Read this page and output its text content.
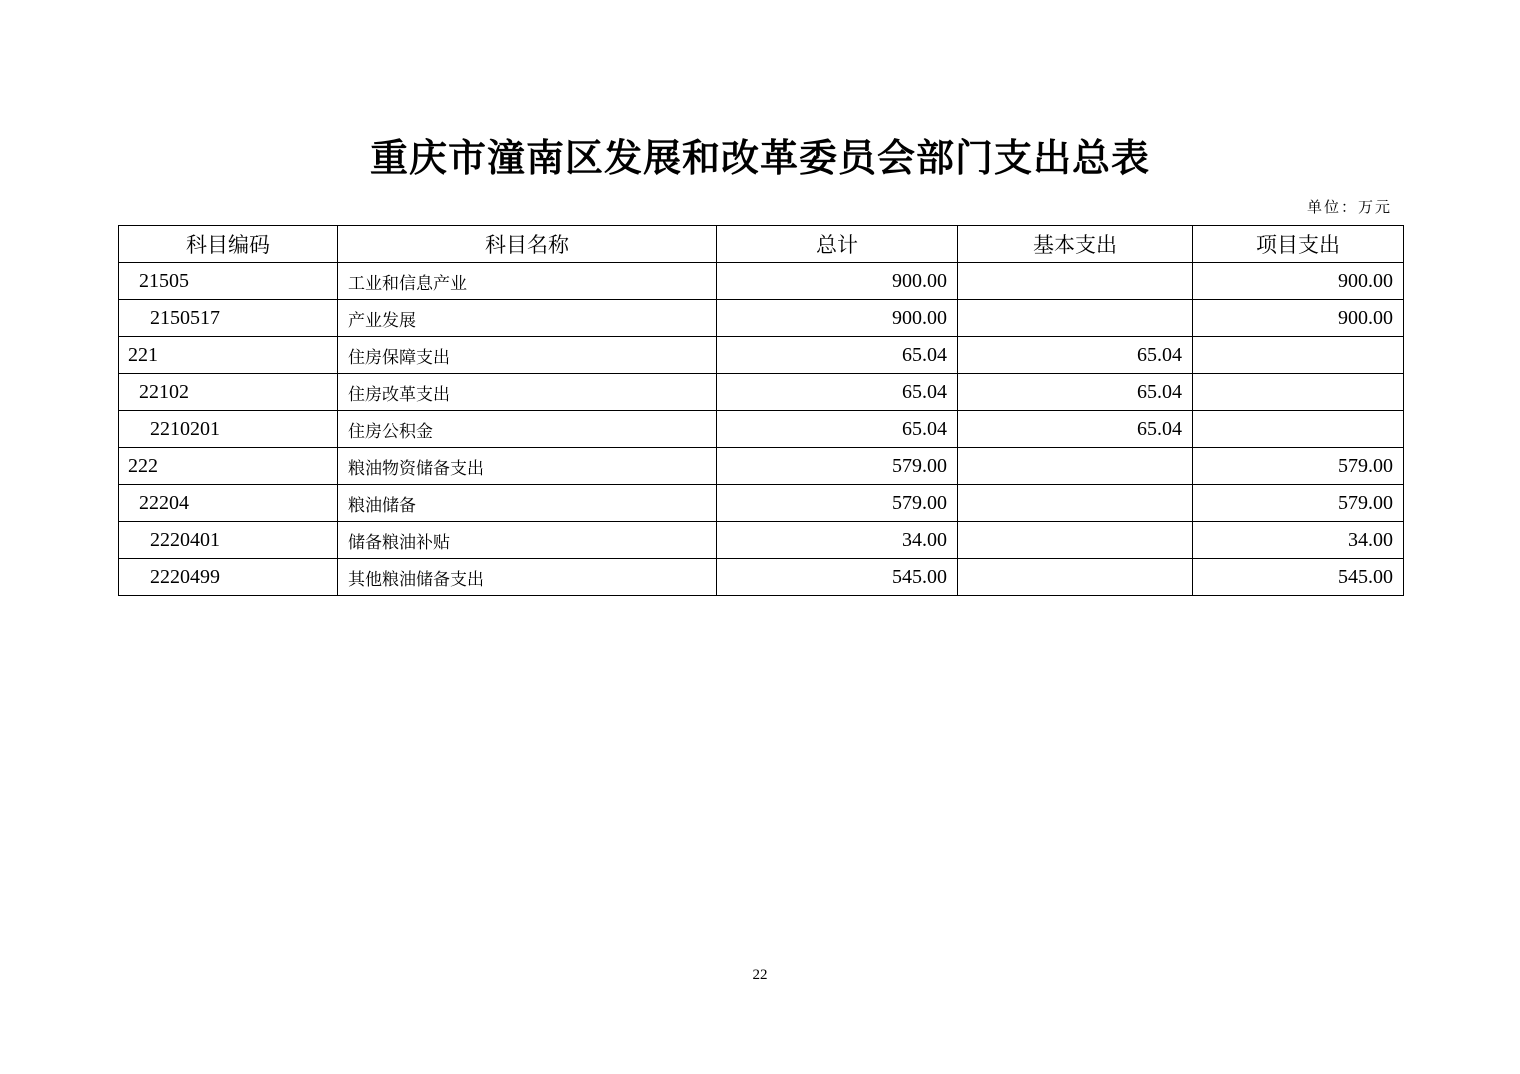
重庆市潼南区发展和改革委员会部门支出总表
单位：万元
科目编码	科目名称	总计	基本支出	项目支出
21505	工业和信息产业	900.00		900.00
2150517	产业发展	900.00		900.00
221	住房保障支出	65.04	65.04	
22102	住房改革支出	65.04	65.04	
2210201	住房公积金	65.04	65.04	
222	粮油物资储备支出	579.00		579.00
22204	粮油储备	579.00		579.00
2220401	储备粮油补贴	34.00		34.00
2220499	其他粮油储备支出	545.00		545.00
22
